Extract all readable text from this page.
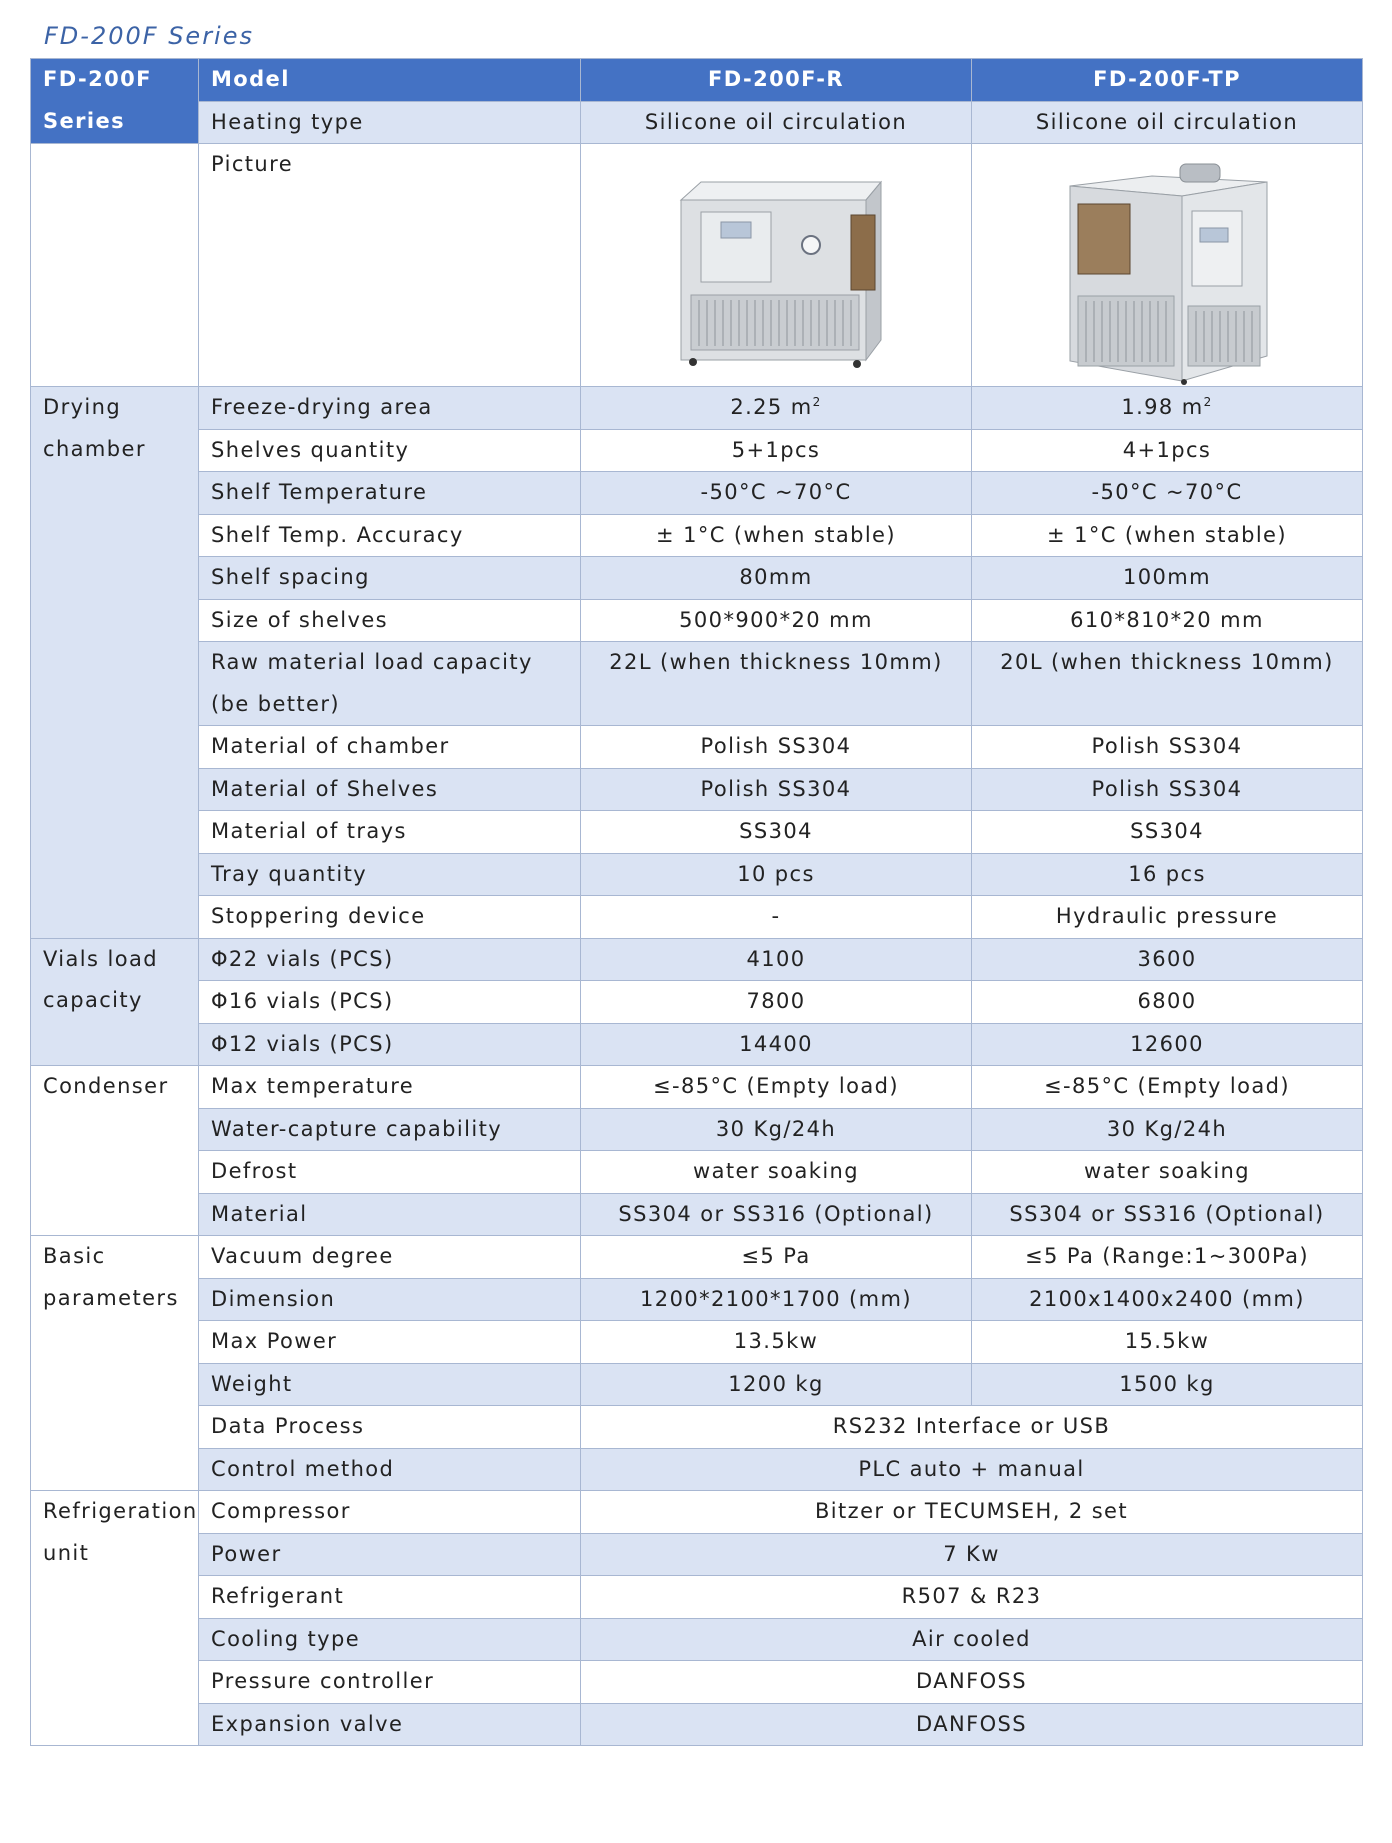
FD-200F Series
FD-200F Series	Model	FD-200F-R	FD-200F-TP
	Heating type	Silicone oil circulation	Silicone oil circulation
	Picture	

Drying chamber	Freeze-drying area	2.25 $m^2$	1.98 $m^2$
	Shelves quantity	5+1pcs	4+1pcs
	Shelf Temperature	-50°C ~70°C	-50°C ~70°C
	Shelf Temp. Accuracy	± 1°C (when stable)	± 1°C (when stable)
	Shelf spacing	80mm	100mm
	Size of shelves	500*900*20 mm	610*810*20 mm

	Raw material load capacity (be better)	22L (when thickness 10mm)	20L (when thickness 10mm)
	Material of chamber	Polish SS304	Polish SS304
	Material of Shelves	Polish SS304	Polish SS304
	Material of trays	SS304	SS304
	Tray quantity	10 pcs	16 pcs
	Stoppering device	-	Hydraulic pressure

Vials load capacity	Φ22 vials (PCS)	4100	3600
	Φ16 vials (PCS)	7800	6800
	Φ12 vials (PCS)	14400	12600

Condenser	Max temperature	≤-85°C (Empty load)	≤-85°C (Empty load)
	Water-capture capability	30 Kg/24h	30 Kg/24h
	Defrost	water soaking	water soaking
	Material	SS304 or SS316 (Optional)	SS304 or SS316 (Optional)

Basic parameters	Vacuum degree	≤5 Pa	≤5 Pa (Range:1~300Pa)
	Dimension	1200*2100*1700 (mm)	2100x1400x2400 (mm)
	Max Power	13.5kw	15.5kw
	Weight	1200 kg	1500 kg
	Data Process	RS232 Interface or USB	
	Control method	PLC auto + manual	

Refrigeration unit	Compressor	Bitzer or TECUMSEH, 2 set	
	Power	7 Kw	
	Refrigerant	R507 & R23	
	Cooling type	Air cooled	
	Pressure controller	DANFOSS	
	Expansion valve	DANFOSS	
